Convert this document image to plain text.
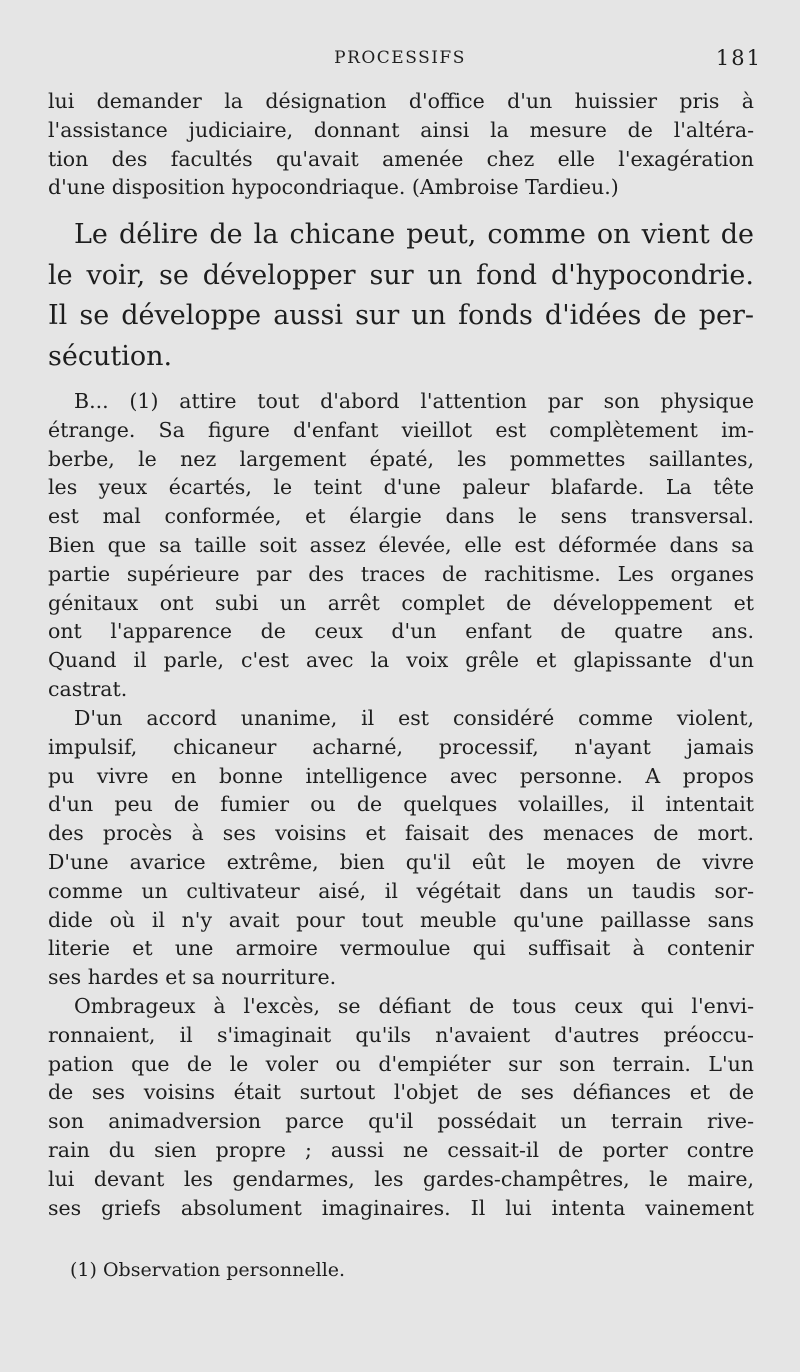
PROCESSIFS	181

lui demander la désignation d'office d'un huissier pris à
l'assistance judiciaire, donnant ainsi la mesure de l'altéra-
tion des facultés qu'avait amenée chez elle l'exagération
d'une disposition hypocondriaque. (Ambroise Tardieu.)

Le délire de la chicane peut, comme on vient de
le voir, se développer sur un fond d'hypocondrie.
Il se développe aussi sur un fonds d'idées de per-
sécution.

B... (1) attire tout d'abord l'attention par son physique
étrange. Sa figure d'enfant vieillot est complètement im-
berbe, le nez largement épaté, les pommettes saillantes,
les yeux écartés, le teint d'une paleur blafarde. La tête
est mal conformée, et élargie dans le sens transversal.
Bien que sa taille soit assez élevée, elle est déformée dans sa
partie supérieure par des traces de rachitisme. Les organes
génitaux ont subi un arrêt complet de développement et
ont l'apparence de ceux d'un enfant de quatre ans.
Quand il parle, c'est avec la voix grêle et glapissante d'un
castrat.

D'un accord unanime, il est considéré comme violent,
impulsif, chicaneur acharné, processif, n'ayant jamais
pu vivre en bonne intelligence avec personne. A propos
d'un peu de fumier ou de quelques volailles, il intentait
des procès à ses voisins et faisait des menaces de mort.
D'une avarice extrême, bien qu'il eût le moyen de vivre
comme un cultivateur aisé, il végétait dans un taudis sor-
dide où il n'y avait pour tout meuble qu'une paillasse sans
literie et une armoire vermoulue qui suffisait à contenir
ses hardes et sa nourriture.

Ombrageux à l'excès, se défiant de tous ceux qui l'envi-
ronnaient, il s'imaginait qu'ils n'avaient d'autres préoccu-
pation que de le voler ou d'empiéter sur son terrain. L'un
de ses voisins était surtout l'objet de ses défiances et de
son animadversion parce qu'il possédait un terrain rive-
rain du sien propre ; aussi ne cessait-il de porter contre
lui devant les gendarmes, les gardes-champêtres, le maire,
ses griefs absolument imaginaires. Il lui intenta vainement

(1) Observation personnelle.
